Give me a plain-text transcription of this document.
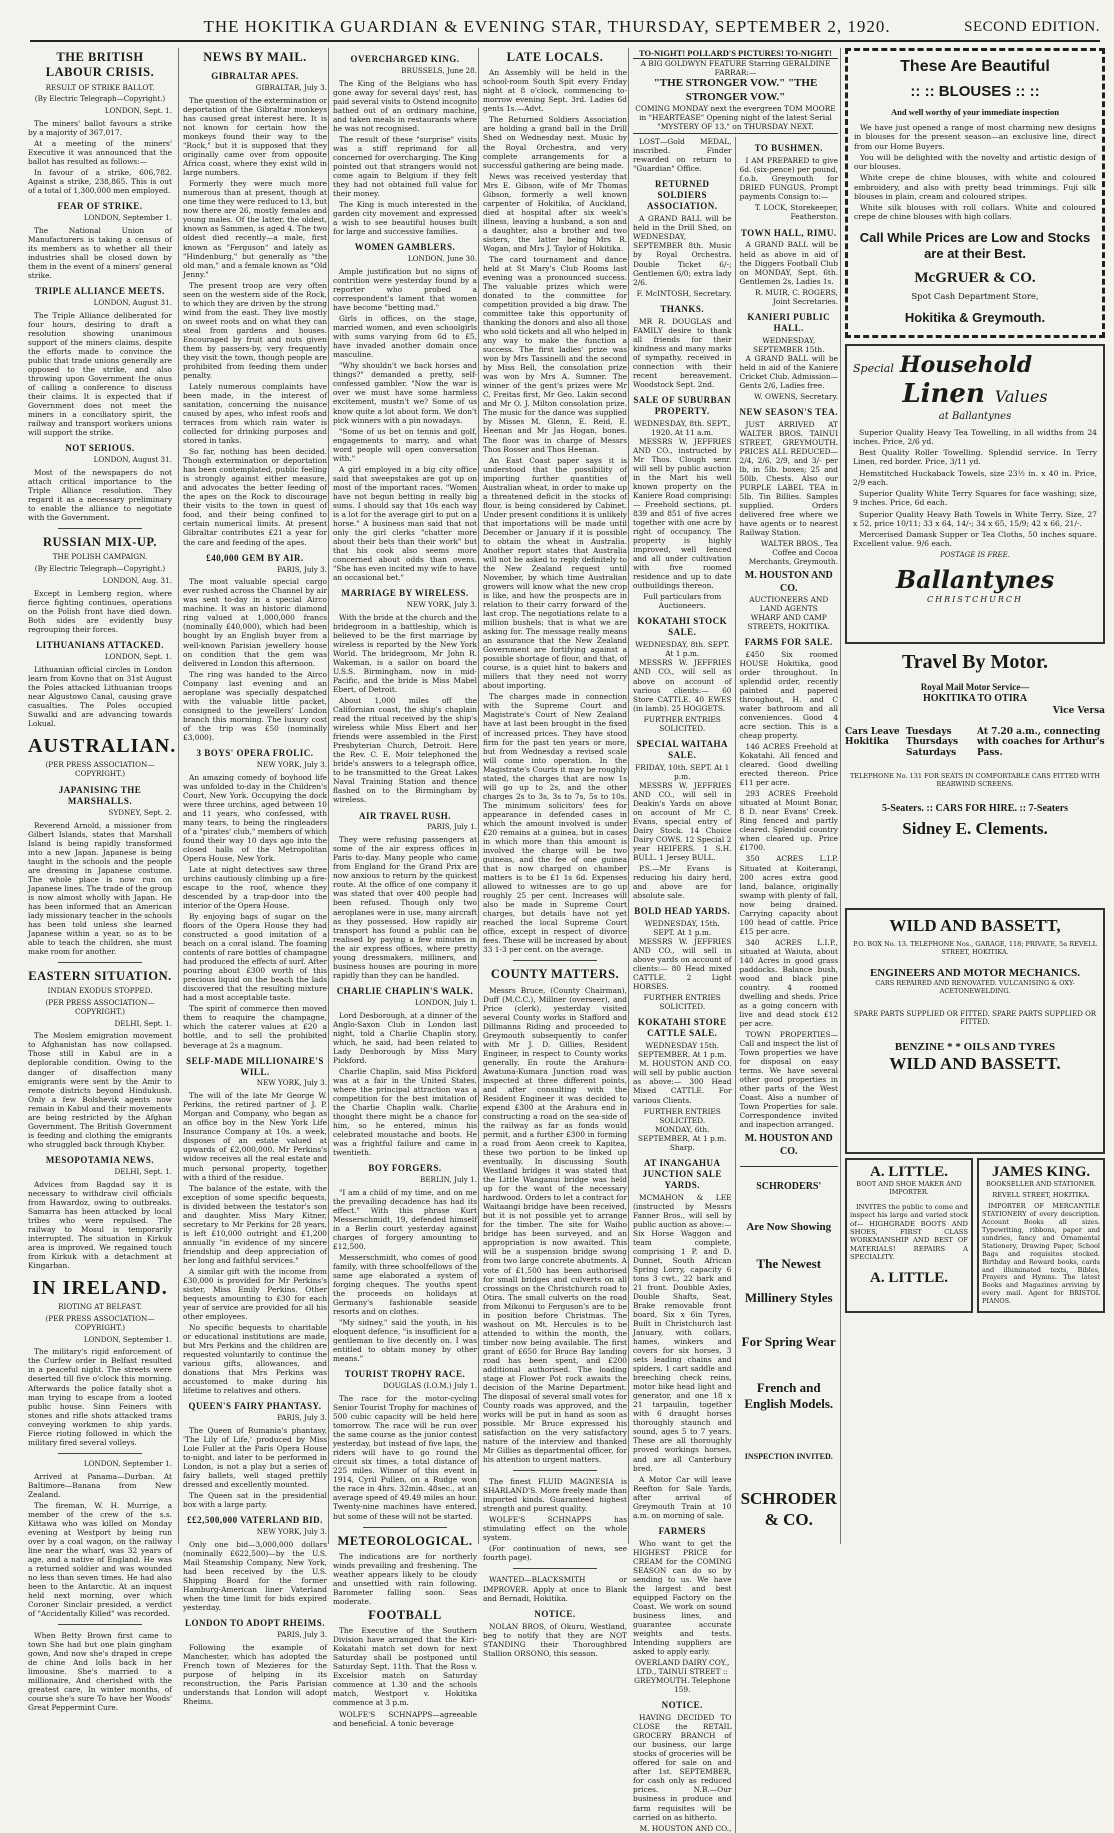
THE HOKITIKA GUARDIAN & EVENING STAR, THURSDAY, SEPTEMBER 2, 1920.	SECOND EDITION.
THE BRITISH LABOUR CRISIS.
RESULT OF STRIKE BALLOT.
(By Electric Telegraph—Copyright.)
LONDON, Sept. 1.

The miners' ballot favours a strike by a majority of 367,017.

At a meeting of the miners' Executive it was announced that the ballot has resulted as follows:—

In favour of a strike, 606,782. Against a strike, 238,865. This is out of a total of 1,300,000 men employed.

FEAR OF STRIKE.
LONDON, September 1.

The National Union of Manufacturers is taking a census of its members as to whether all their industries shall be closed down by them in the event of a miners' general strike.

TRIPLE ALLIANCE MEETS.
LONDON, August 31.

The Triple Alliance deliberated for four hours, desiring to draft a resolution showing unanimous support of the miners claims, despite the efforts made to convince the public that trade unions generally are opposed to the strike, and also throwing upon Government the onus of calling a conference to discuss their claims. It is expected that if Government does not meet the miners in a conciliatory spirit, the railway and transport workers unions will support the strike.

NOT SERIOUS.
LONDON, August 31.

Most of the newspapers do not attach critical importance to the Triple Alliance resolution. They regard it as a necessary preliminary to enable the alliance to negotiate with the Government.

RUSSIAN MIX-UP.
THE POLISH CAMPAIGN.
(By Electric Telegraph—Copyright.)
LONDON, Aug. 31.

Except in Lemberg region, where fierce fighting continues, operations on the Polish front have died down. Both sides are evidently busy regrouping their forces.

LITHUANIANS ATTACKED.
LONDON, Sept. 1.

Lithuanian official circles in London learn from Kovno that on 31st August the Poles attacked Lithuanian troops near Algustowo Canal, causing grave casualties. The Poles occupied Suwalki and are advancing towards Lokual.

AUSTRALIAN.
(PER PRESS ASSOCIATION—COPYRIGHT.)
JAPANISING THE MARSHALLS.
SYDNEY, Sept. 2.

Reverend Arnold, a missioner from Gilbert Islands, states that Marshall Island is being rapidly transformed into a new Japan. Japanese is being taught in the schools and the people are dressing in Japanese costume. The whole place is now run on Japanese lines. The trade of the group is now almost wholly with Japan. He has been informed that an American lady missionary teacher in the schools has been told unless she learned Japanese within a year, so as to be able to teach the children, she must make room for another.

EASTERN SITUATION.
INDIAN EXODUS STOPPED.
(PER PRESS ASSOCIATION—COPYRIGHT.)
DELHI, Sept. 1.

The Moslem emigration movement to Afghanistan has now collapsed. Those still in Kabul are in a deplorable condition. Owing to the danger of disaffection many emigrants were sent by the Amir to remote districts beyond Hindukush. Only a few Bolshevik agents now remain in Kabul and their movements are being restricted by the Afghan Government. The British Government is feeding and clothing the emigrants who struggled back through Khyber.

MESOPOTAMIA NEWS.
DELHI, Sept. 1.

Advices from Bagdad say it is necessary to withdraw civil officials from Hawardoz, owing to outbreaks. Samarra has been attacked by local tribes who were repulsed. The railway to Mosul is temporarily interrupted. The situation in Kirkuk area is improved. We regained touch from Kirkuk with a detachment at Kingarban.

IN IRELAND.
RIOTING AT BELFAST.
(PER PRESS ASSOCIATION—COPYRIGHT.)
LONDON, September 1.

The military's rigid enforcement of the Curfew order in Belfast resulted in a peaceful night. The streets were deserted till five o'clock this morning. Afterwards the police fatally shot a man trying to escape from a looted public house. Sinn Feiners with stones and rifle shots attacked trams conveying workmen to ship yards. Fierce rioting followed in which the military fired several volleys.

LONDON, September 1.

Arrived at Panama—Durban. At Baltimore—Banana from New Zealand.

The fireman, W. H. Murrige, a member of the crew of the s.s. Kittawa who was killed on Monday evening at Westport by being run over by a coal wagon, on the railway line near the wharf, was 32 years of age, and a native of England. He was a returned soldier and was wounded no less than seven times. He had also been to the Antarctic. At an inquest held next morning, over which Coroner Sinclair presided, a verdict of "Accidentally Killed" was recorded.

When Betty Brown first came to town She had but one plain gingham gown, And now she's draped in crepe de chine And lolls back in her limousine. She's married to a millionaire, And cherished with the greatest care, In winter months, of course she's sure To have her Woods' Great Peppermint Cure.

NEWS BY MAIL.
GIBRALTAR APES.
GIBRALTAR, July 3.

The question of the extermination or deportation of the Gibraltar monkeys has caused great interest here. It is not known for certain how the monkeys found their way to the "Rock," but it is supposed that they originally came over from opposite Africa coast, where they exist wild in large numbers.

Formerly they were much more numerous than at present, though at one time they were reduced to 13, but now there are 26, mostly females and young males. Of the latter, the oldest, known as Sammen, is aged 4. The two oldest died recently—a male, first known as "Ferguson" and lately as "Hindenburg," but generally as "the old man," and a female known as "Old Jenny."

The present troop are very often seen on the western side of the Rock, to which they are driven by the strong wind from the east. They live mostly on sweet roots and on what they can steal from gardens and houses. Encouraged by fruit and nuts given them by passers-by, very frequently they visit the town, though people are prohibited from feeding them under penalty.

Lately numerous complaints have been made, in the interest of sanitation, concerning the nuisance caused by apes, who infest roofs and terraces from which rain water is collected for drinking purposes and stored in tanks.

So far, nothing has been decided. Though extermination or deportation has been contemplated, public feeling is strongly against either measure, and advocates the better feeding of the apes on the Rock to discourage their visits to the town in quest of food, and their being confined to certain numerical limits. At present Gibraltar contributes £21 a year for the care and feeding of the apes.

£40,000 GEM BY AIR.
PARIS, July 3.

The most valuable special cargo ever rushed across the Channel by air was sent to-day in a special Airco machine. It was an historic diamond ring valued at 1,000,000 francs (nominally £40,000), which had been bought by an English buyer from a well-known Parisian jewellery house on condition that the gem was delivered in London this afternoon.

The ring was handed to the Airco Company last evening and an aeroplane was specially despatched with the valuable little packet, consigned to the jewellers' London branch this morning. The luxury cost of the trip was £50 (nominally £3,000).

3 BOYS' OPERA FROLIC.
NEW YORK, July 3.

An amazing comedy of boyhood life was unfolded to-day in the Children's Court, New York. Occupying the dock were three urchins, aged between 10 and 11 years, who confessed, with many tears, to being the ringleaders of a "pirates' club," members of which found their way 10 days ago into the closed halls of the Metropolitan Opera House, New York.

Late at night detectives saw three urchins cautiously climbing up a fire-escape to the roof, whence they descended by a trap-door into the interior of the Opera House.

By enjoying bags of sugar on the floors of the Opera House they had constructed a good imitation of a beach on a coral island. The foaming contents of rare bottles of champagne had produced the effects of surf. After pouring about £300 worth of this precious liquid on the beach the lads discovered that the resulting mixture had a most acceptable taste.

The spirit of commerce then moved them to reaquire the champagne, which the caterer values at £20 a bottle, and to sell the prohibited beverage at 2s a magnum.

SELF-MADE MILLIONAIRE'S WILL.
NEW YORK, July 3.

The will of the late Mr George W. Perkins, the retired partner of J. P. Morgan and Company, who began as an office boy in the New York Life Insurance Company at 10s. a week, disposes of an estate valued at upwards of £2,000,000. Mr Perkins's widow receives all the real estate and much personal property, together with a third of the residue.

The balance of the estate, with the exception of some specific bequests, is divided between the testator's son and daughter. Miss Mary Kitner, secretary to Mr Perkins for 28 years, is left £10,000 outright and £1,200 annually "in evidence of my sincere friendship and deep appreciation of her long and faithful services."

A similar gift with the income from £30,000 is provided for Mr Perkins's sister, Miss Emily Perkins. Other bequests amounting to £30 for each year of service are provided for all his other employees.

No specific bequests to charitable or educational institutions are made, but Mrs Perkins and the children are requested voluntarily to continue the various gifts, allowances, and donations that Mrs Perkins was accustomed to make during his lifetime to relatives and others.

QUEEN'S FAIRY PHANTASY.
PARIS, July 3.

The Queen of Rumania's phantasy, 'The Lily of Life,' produced by Miss Loie Fuller at the Paris Opera House to-night, and later to be performed in London, is not a play but a series of fairy ballets, well staged prettily dressed and excellently mounted.

The Queen sat in the presidential box with a large party.

££2,500,000 VATERLAND BID.
NEW YORK, July 3.

Only one bid—3,000,000 dollars (nominally £622,500)—by the U.S. Mail Steamship Company, New York, had been received by the U.S. Shipping Board for the former Hamburg-American liner Vaterland when the time limit for bids expired yesterday.

LONDON TO ADOPT RHEIMS.
PARIS, July 3.

Following the example of Manchester, which has adopted the French town of Mezieres for the purpose of helping in its reconstruction, the Paris Parisian understands that London will adopt Rheims.

OVERCHARGED KING.
BRUSSELS, June 28.

The King of the Belgians who has gone away for several days' rest, has paid several visits to Ostend incognito bathed out of an ordinary machine, and taken meals in restaurants where he was not recognised.

The result of these "surprise" visits was a stiff reprimand for all concerned for overcharging. The King pointed out that strangers would not come again to Belgium if they felt they had not obtained full value for their money.

The King is much interested in the garden city movement and expressed a wish to see beautiful houses built for large and successive families.

WOMEN GAMBLERS.
LONDON, June 30.

Ample justification but no signs of contrition were yesterday found by a reporter who probed a correspondent's lament that women have become "betting mad."

Girls in offices, on the stage, married women, and even schoolgirls with sums varying from 6d to £5, have invaded another domain once masculine.

"Why shouldn't we back horses and things?" demanded a pretty, self-confessed gambler. "Now the war is over we must have some harmless excitement, mustn't we? Some of us know quite a lot about form. We don't pick winners with a pin nowadays.

"Some of us bet on tennis and golf, engagements to marry, and what word people will open conversation with."

A girl employed in a big city office said that sweepstakes are got up on most of the important races. "Women have not begun betting in really big sums. I should say that 10s each way is a lot for the average girl to put on a horse." A business man said that not only the girl clerks "chatter more about their bets than their work" but that his cook also seems more concerned about odds than ovens. "She has even incited my wife to have an occasional bet."

MARRIAGE BY WIRELESS.
NEW YORK, July 3.

With the bride at the church and the bridegroom in a battleship, which is believed to be the first marriage by wireless is reported by the New York World. The bridegroom, Mr John R. Wakeman, is a sailor on board the U.S.S. Birmingham, now in mid-Pacific, and the bride is Miss Mabel Ebert, of Detroit.

About 1,000 miles off the Californian coast, the ship's chaplain read the ritual received by the ship's wireless while Miss Ebert and her friends were assembled in the First Presbyterian Church, Detroit. Here the Rev. C. E. Moir telephoned the bride's answers to a telegraph office, to be transmitted to the Great Lakes Naval Training Station and thence flashed on to the Birmingham by wireless.

AIR TRAVEL RUSH.
PARIS, July 1.

They were refusing passengers at some of the air express offices in Paris to-day. Many people who came from England for the Grand Prix are now anxious to return by the quickest route. At the office of one company it was stated that over 400 people had been refused. Though only two aeroplanes were in use, many aircraft as they possessed. How rapidly air transport has found a public can be realised by paying a few minutes in the air express offices, where pretty young dressmakers, milliners, and business houses are pouring in more rapidly than they can be handled.

CHARLIE CHAPLIN'S WALK.
LONDON, July 1.

Lord Desborough, at a dinner of the Anglo-Saxon Club in London last night, told a Charlie Chaplin story, which, he said, had been related to Lady Desborough by Miss Mary Pickford.

Charlie Chaplin, said Miss Pickford was at a fair in the United States, where the principal attraction was a competition for the best imitation of the Charlie Chaplin walk. Charlie thought there might be a chance for him, so he entered, minus his celebrated moustache and boots. He was a frightful failure and came in twentieth.

BOY FORGERS.
BERLIN, July 1.

"I am a child of my time, and on me the prevailing decadence has had its effect." With this phrase Kurt Messerschmidt, 19, defended himself in a Berlin court yesterday against charges of forgery amounting to £12,500.

Messerschmidt, who comes of good family, with three schoolfellows of the same age elaborated a system of forging cheques. The youths spent the proceeds on holidays at Germany's fashionable seaside resorts and on clothes.

"My sidney," said the youth, in his eloquent defence, "is insufficient for a gentleman to live decently on. I was entitled to obtain money by other means."

TOURIST TROPHY RACE.
DOUGLAS (I.O.M.) July 1.

The race for the motor-cycling Senior Tourist Trophy for machines of 500 cubic capacity will be held here tomorrow. The race will be run over the same course as the junior contest yesterday, but instead of five laps, the riders will have to go round the circuit six times, a total distance of 225 miles. Winner of this event in 1914, Cyril Pullen, on a Rudge won the race in 4hrs. 32min. 48sec., at an average speed of 49.49 miles an hour. Twenty-nine machines have entered, but some of these will not be started.

METEOROLOGICAL.

The indications are for northerly winds prevailing and freshening. The weather appears likely to be cloudy and unsettled with rain following. Barometer falling soon. Seas moderate.

FOOTBALL

The Executive of the Southern Division have arranged that the Kiri-Kokatahi match set down for next Saturday shall be postponed until Saturday Sept. 11th. That the Ross v. Excelsior match on Saturday commence at 1.30 and the schools match, Westport v. Hokitika commence at 3 p.m.

WOLFE'S SCHNAPPS—agreeable and beneficial. A tonic beverage

LATE LOCALS.

An Assembly will be held in the school-room South Spit every Friday night at 8 o'clock, commencing to-morrow evening Sept. 3rd. Ladies 6d gents 1s.—Advt.

The Returned Soldiers Association are holding a grand ball in the Drill Shed on Wednesday next. Music by the Royal Orchestra, and very complete arrangements for a successful gathering are being made.

News was received yesterday that Mrs E. Gibson, wife of Mr Thomas Gibson, formerly a well known carpenter of Hokitika, of Auckland, died at hospital after six week's illness, leaving a husband, a son and a daughter, also a brother and two sisters, the latter being Mrs R. Wogan, and Mrs J. Taylor of Hokitika.

The card tournament and dance held at St Mary's Club Rooms last evening was a pronounced success. The valuable prizes which were donated to the committee for competition provided a big draw. The committee take this opportunity of thanking the donors and also all those who sold tickets and all who helped in any way to make the function a success. The first ladies' prize was won by Mrs Tassinelli and the second by Miss Bell, the consolation prize was won by Mrs A. Sumner. The winner of the gent's prizes were Mr C. Freitas first, Mr Geo. Lakin second and Mr O. J. Milton consolation prize. The music for the dance was supplied by Misses M. Glenn, E. Reid, E. Heenan and Mr Jas Hogan, bones. The floor was in charge of Messrs Thos Rosser and Thos Heenan.

An East Coast paper says it is understood that the possibility of importing further quantities of Australian wheat, in order to make up a threatened deficit in the stocks of flour, is being considered by Cabinet. Under present conditions it is unlikely that importations will be made until December or January if it is possible to obtain the wheat in Australia. Another report states that Australia will not be asked to reply definitely to the New Zealand request until November, by which time Australian growers will know what the new crop is like, and how the prospects are in relation to their carry forward of the last crop. The negotiations relate to a million bushels; that is what we are asking for. The message really means an assurance that the New Zealand Government are fortifying against a possible shortage of flour, and that, of course, is a quiet hint to bakers and millers that they need not worry about importing.

The charges made in connection with the Supreme Court and Magistrate's Court of New Zealand have at last been brought in the fixed of increased prices. They have stood firm for the past ten years or more, but from Wednesday a revised scale will come into operation. In the Magistrate's Courts it may be roughly stated, the charges that are now 1s will go up to 2s, and the other charges 2s to 3s, 3s to 7s, 5s to 10s. The minimum solicitors' fees for appearance in defended cases in which the amount involved is under £20 remains at a guinea, but in cases in which more than this amount is involved the charge will be two guineas, and the fee of one guinea that is now charged on chamber matters is to be £1 1s 6d. Expenses allowed to witnesses are to go up roughly 25 per cent. Increases will also be made in Supreme Court charges, but details have not yet reached the local Supreme Court office, except in respect of divorce fees. These will be increased by about 33 1-3 per cent. on the average.

COUNTY MATTERS.

Messrs Bruce, (County Chairman), Duff (M.C.C.), Millner (overseer), and Price (clerk), yesterday visited several County works in Stafford and Dillmanns Riding and proceeded to Greymouth subsequently to confer with Mr J. D. Gillies, Resident Engineer, in respect to County works generally. En route the Arahura-Awatuna-Kumara Junction road was inspected at three different points, and after consulting with the Resident Engineer it was decided to expend £300 at the Arahura end in constructing a road on the sea-side of the railway as far as fonds would permit, and a further £300 in forming a road from Aeon creek to Kapitea, these two portion to be linked up eventually. In discussing South Westland bridges it was stated that the Little Wanganui bridge was held up for the want of the necessary hardwood. Orders to let a contract for Waitaangi bridge have been received, but it is not possible yet to arrange for the timber. The site for Waiho bridge has been surveyed, and an appropriation is now awaited. This will be a suspension bridge swung from two large concrete abutments. A vote of £1,500 has been authorised for small bridges and culverts on all crossings on the Christchurch road to Otira. The small culverts on the road from Mikonui to Ferguson's are to be in position before Christmas. The washout on Mt. Hercules is to be attended to within the month, the timber now being available. The first grant of £650 for Bruce Bay landing road has been spent, and £200 additional authorised. The loading stage at Flower Pot rock awaits the decision of the Marine Department. The disposal of several small votes for County roads was approved, and the works will be put in hand as soon as possible. Mr Bruce expressed his satisfaction on the very satisfactory nature of the interview and thanked Mr Gillies as departmental officer, for his attention to urgent matters.

The finest FLUID MAGNESIA is SHARLAND'S. More freely made than imported kinds. Guaranteed highest strength and purest quality.

WOLFE'S SCHNAPPS has stimulating effect on the whole system.

(For continuation of news, see fourth page).

WANTED—BLACKSMITH or IMPROVER. Apply at once to Blank and Bernadi, Hokitika.

NOTICE.

NOLAN BROS, of Okuru, Westland, beg to notify that they are NOT STANDING their Thoroughbred Stallion ORSONO, this season.

TO-NIGHT! POLLARD'S PICTURES! TO-NIGHT!
A BIG GOLDWYN FEATURE Starring GERALDINE FARRAR:—
"THE STRONGER VOW." "THE STRONGER VOW."
COMING MONDAY next the evergreen TOM MOORE in "HEARTEASE" Opening night of the latest Serial "MYSTERY OF 13," on THURSDAY NEXT.

LOST—Gold MEDAL, inscribed. Finder rewarded on return to "Guardian" Office.

RETURNED SOLDIERS ASSOCIATION.

A GRAND BALL will be held in the Drill Shed, on WEDNESDAY, SEPTEMBER 8th. Music by Royal Orchestra. Double Ticket 6/-; Gentlemen 6/0; extra lady 2/6.

F. McINTOSH, Secretary.
THANKS.

MR R. DOUGLAS and FAMILY desire to thank all friends for their kindness and many marks of sympathy, received in connection with their recent bereavement. Woodstock Sept. 2nd.

SALE OF SUBURBAN PROPERTY.
WEDNESDAY, 8th. SEPT., 1920. At 11 a.m.

MESSRS W. JEFFRIES AND CO., instructed by Mr Thos. Clough senr. will sell by public auction in the Mart his well known property on the Kaniere Road comprising:— Freehold sections, pt. 839 and 851 of five acres together with one acre by right of occupancy. The property is highly improved, well fenced and all under cultivation with five roomed residence and up to date outbuildings thereon.

Full particulars from Auctioneers.
KOKATAHI STOCK SALE.
WEDNESDAY, 8th. SEPT. At 1 p.m.

MESSRS W. JEFFRIES AND CO., will sell as above on account of various clients:— 60 Store CATTLE. 40 EWES (in lamb). 25 HOGGETS.

FURTHER ENTRIES SOLICITED.
SPECIAL WAITAHA SALE.
FRIDAY, 10th. SEPT. At 1 p.m.

MESSRS W. JEFFRIES AND CO., will sell in Deakin's Yards on above on account of Mr C. Evans, special entry of Dairy Stock. 14 Choice Dairy COWS. 12 Special 2 year HEIFERS. 1 S.H. BULL. 1 Jersey BULL.

P.S.—Mr Evans is reducing his dairy herd, and above are for absolute sale.

BOLD HEAD YARDS.
WEDNESDAY, 15th. SEPT. At 1 p.m.

MESSRS W. JEFFRIES AND CO., will sell in above yards on account of clients:— 80 Head mixed CATTLE. 2 Light HORSES.

FURTHER ENTRIES SOLICITED.
KOKATAHI STORE CATTLE SALE.
WEDNESDAY 15th. SEPTEMBER. At 1 p.m.

M. HOUSTON AND CO. will sell by public auction as above:— 300 Head Mixed CATTLE. For various Clients.

FURTHER ENTRIES SOLICITED.
MONDAY, 6th. SEPTEMBER, At 1 p.m. Sharp.
AT INANGAHUA JUNCTION SALE YARDS.

MCMAHON & LEE (instructed by Messrs Fanner Bros., will sell by public auction as above:— Six Horse Waggon and team complete, comprising 1 P. and D. Dunnet, South African Spring Lorry, capacity 6 tons 3 cwt., 22 bark and 21 front. Doubble Axles, Double Shafts, Seat, Brake removable front board, Six x 6in Tyres, Built in Christchurch last January, with collars, hames, winkers and covers for six horses, 3 sets leading chains and spiders, 1 cart saddle and breeching check reins, motor bike head light and generator, and one 18 x 21 tarpaulin, together with 6 draught horses thoroughly staunch and sound, ages 5 to 7 years. These are all thoroughly proved workings horses, and are all Canterbury bred.

A Motor Car will leave Reefton for Sale Yards, after arrival of Greymouth Train at 10 a.m. on morning of sale.

FARMERS

Who want to get the HIGHEST PRICE for CREAM for the COMING SEASON can do so by sending to us. We have the largest and best equipped Factory on the Coast. We work on sound business lines, and guarantee accurate weights and tests. Intending suppliers are asked to apply early.

OVERLAND DAIRY COY., LTD., TAINUI STREET :: GREYMOUTH. Telephone 159.
NOTICE.

HAVING DECIDED TO CLOSE the RETAIL GROCERY BRANCH of our business, our large stocks of groceries will be offered for sale on and after 1st. SEPTEMBER, for cash only as reduced prices. N.B.—Our business in produce and farm requisites will be carried on as hitherto.

M. HOUSTON AND CO.,
TO BUSHMEN.

I AM PREPARED to give 6d. (six-pence) per pound, f.o.b. Greymouth for DRIED FUNGUS. Prompt payments Consign to:—

T. LOCK, Storekeeper, Featherston.
TOWN HALL, RIMU.

A GRAND BALL will be held as above in aid of the Diggers Football Club on MONDAY, Sept. 6th. Gentlemen 2s, Ladies 1s.

R. MUIR, C. ROGERS, Joint Secretaries.
KANIERI PUBLIC HALL.
WEDNESDAY, SEPTEMBER 15th.

A GRAND BALL will be held in aid of the Kaniere Cricket Club. Admission—Gents 2/6, Ladies free.

W. OWENS, Secretary.
NEW SEASON'S TEA.

JUST ARRIVED AT WALTER BROS. TAINUI STREET, GREYMOUTH. PRICES ALL REDUCED—2/4, 2/6, 2/9, and 3/- per lb, in 5lb. boxes; 25 and 50lb. Chests. Also our PURPLE LABEL TEA in 5lb. Tin Billies. Samples supplied. Orders delivered free where we have agents or to nearest Railway Station.

WALTER BROS., Tea Coffee and Cocoa Merchants, Greymouth.
M. HOUSTON AND CO.
AUCTIONEERS AND LAND AGENTS
WHARF AND CAMP STREETS, HOKITIKA.
FARMS FOR SALE.

£450 Six roomed HOUSE Hokitika, good order throughout. In splendid order, recently painted and papered throughout, H. and C water bathroom and all conveniences. Good 4 acre section. This is a cheap property.

146 ACRES Freehold at Kokatahi. All fenced and cleared. Good dwelling erected thereon. Price £11 per acre.

293 ACRES Freehold situated at Mount Bonar, 8 D. near Evans' Creek. Ring fenced and partly cleared. Splendid country when cleared up. Price £1700.

350 ACRES L.I.P. Situated at Koiterangi, 200 acres extra good land, balance, originally swamp with plenty of fall, now being drained. Carrying capacity about 100 head of cattle. Price £15 per acre.

340 ACRES L.I.P., situated at Waiuta, about 140 Acres in good grass paddocks. Balance bush, wood and black pine country. 4 roomed dwelling and sheds. Price as a going concern with live and dead stock £12 per acre.

TOWN PROPERTIES—Call and inspect the list of Town properties we have for disposal on easy terms. We have several other good properties in other parts of the West Coast. Also a number of Town Properties for sale. Correspondence invited and inspection arranged.

M. HOUSTON AND CO.
SCHRODERS'
Are Now Showing
The Newest
Millinery Styles
For Spring Wear
French and English Models.
INSPECTION INVITED.
SCHRODER & CO.
These Are Beautiful
:: :: BLOUSES :: ::
And well worthy of your immediate inspection

We have just opened a range of most charming new designs in blouses for the present season—an exclusive line, direct from our Home Buyers.

You will be delighted with the novelty and artistic design of our blouses.

White crepe de chine blouses, with white and coloured embroidery, and also with pretty bead trimmings. Fuji silk blouses in plain, cream and coloured stripes.

White silk blouses with roll collars. White and coloured crepe de chine blouses with high collars.

Call While Prices are Low and Stocks are at their Best.
McGRUER & CO.
Spot Cash Department Store,
Hokitika & Greymouth.
Special Household
Linen Values
at Ballantynes

Superior Quality Heavy Tea Towelling, in all widths from 24 inches. Price, 2/6 yd.

Best Quality Roller Towelling. Splendid service. In Terry Linen, red border. Price, 3/11 yd.

Hemstitched Huckaback Towels, size 23½ in. x 40 in. Price, 2/9 each.

Superior Quality White Terry Squares for face washing; size, 9 inches. Price, 6d each.

Superior Quality Heavy Bath Towels in White Terry. Size, 27 x 52, price 10/11; 33 x 64, 14/-; 34 x 65, 15/9; 42 x 66, 21/-.

Mercerised Damask Supper or Tea Cloths, 50 inches square. Excellent value. 9/6 each.

POSTAGE IS FREE.
Ballantynes
CHRISTCHURCH
Travel By Motor.
Royal Mail Motor Service—
HOKITIKA TO OTIRA
Vice Versa
Cars Leave Hokitika
Tuesdays Thursdays Saturdays
At 7.20 a.m., connecting with coaches for Arthur's Pass.
TELEPHONE No. 131 FOR SEATS IN COMFORTABLE CARS FITTED WITH REARWIND SCREENS.
5-Seaters. :: CARS FOR HIRE. :: 7-Seaters
Sidney E. Clements.
WILD AND BASSETT,
P.O. BOX No. 13. TELEPHONE Nos., GARAGE, 118; PRIVATE, 5a REVELL STREET, HOKITIKA.
ENGINEERS AND MOTOR MECHANICS.
CARS REPAIRED AND RENOVATED. VULCANISING & OXY-ACETONEWELDING.
SPARE PARTS SUPPLIED OR FITTED. SPARE PARTS SUPPLIED OR FITTED.
BENZINE * * OILS AND TYRES
WILD AND BASSETT.
A. LITTLE.
BOOT AND SHOE MAKER AND IMPORTER.

INVITES the public to come and inspect his large and varied stock of— HIGHGRADE BOOTS AND SHOES, FIRST CLASS WORKMANSHIP AND BEST OF MATERIALS! REPAIRS A SPECIALITY.

A. LITTLE.
JAMES KING.
BOOKSELLER AND STATIONER.
REVELL STREET, HOKITIKA.

IMPORTER OF MERCANTILE STATIONERY of every description. Account Books all sizes. Typewriting, ribbons, paper and sundries, fancy and Ornamental Stationery, Drawing Paper, School Bags and requisites stocked. Birthday and Reward books, cards and illuminated texts, Bibles, Prayers and Hymns. The latest Books and Magazines arriving by every mail. Agent for BRISTOL PIANOS.
